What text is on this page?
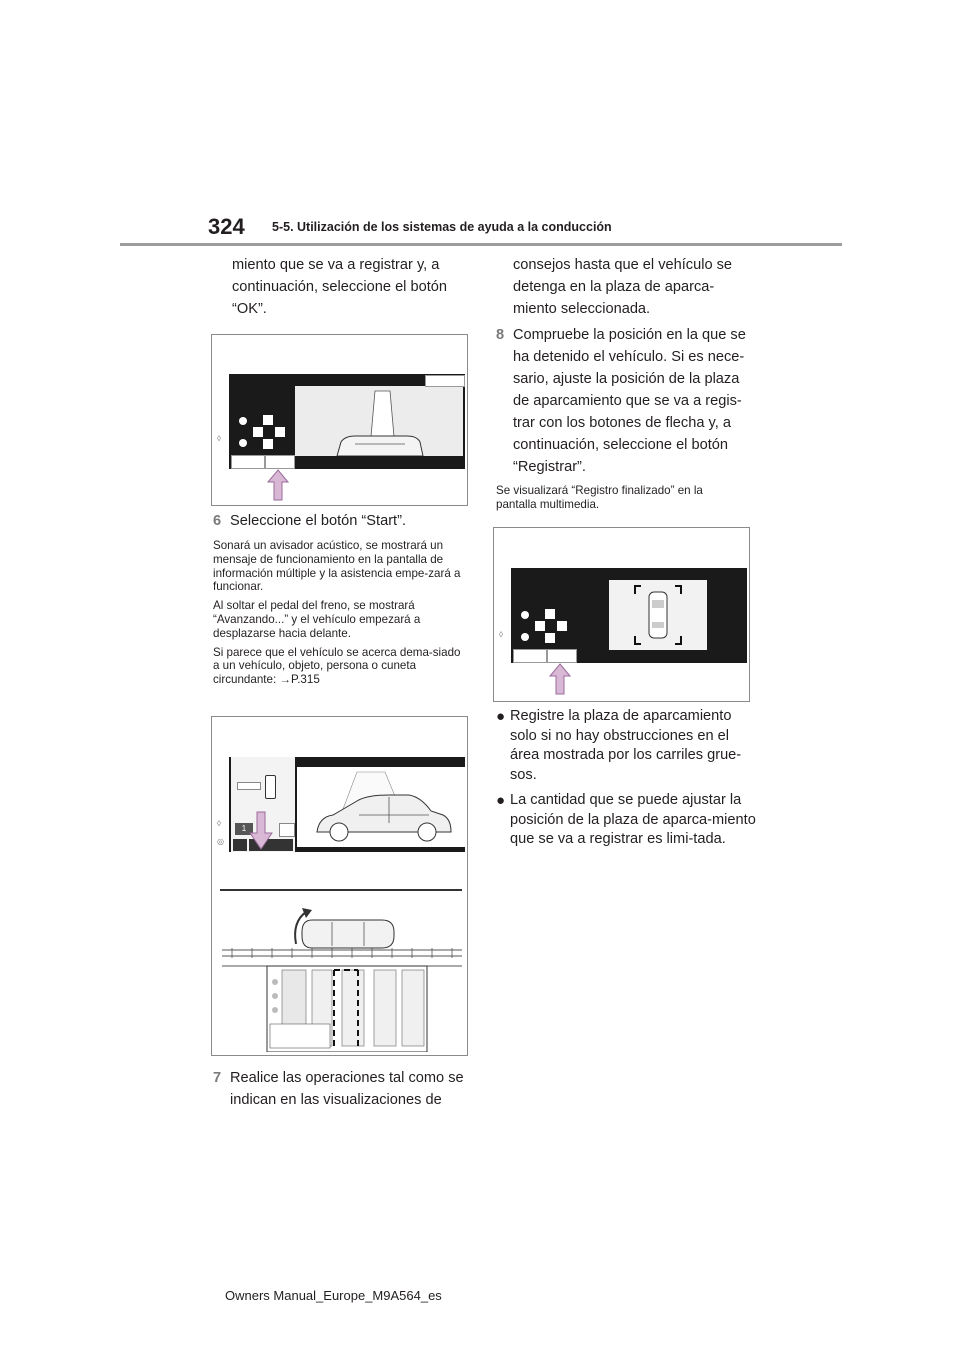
324 5-5. Utilización de los sistemas de ayuda a la conducción
miento que se va a registrar y, a
continuación, seleccione el botón
“OK”.
◊
6 Seleccione el botón “Start”.

Sonará un avisador acústico, se mostrará un mensaje de funcionamiento en la pantalla de información múltiple y la asistencia empe-zará a funcionar.

Al soltar el pedal del freno, se mostrará “Avanzando...” y el vehículo empezará a desplazarse hacia delante.

Si parece que el vehículo se acerca dema-siado a un vehículo, objeto, persona o cuneta circundante: →P.315

◊
◎
1
7 Realice las operaciones tal como se
indican en las visualizaciones de
consejos hasta que el vehículo se
detenga en la plaza de aparca-
miento seleccionada.
8 Compruebe la posición en la que se
ha detenido el vehículo. Si es nece-
sario, ajuste la posición de la plaza
de aparcamiento que se va a regis-
trar con los botones de flecha y, a
continuación, seleccione el botón
“Registrar”.
Se visualizará “Registro finalizado” en la pantalla multimedia.
◊
● Registre la plaza de aparcamiento solo si no hay obstrucciones en el área mostrada por los carriles grue-sos.
● La cantidad que se puede ajustar la posición de la plaza de aparca-miento que se va a registrar es limi-tada.
Owners Manual_Europe_M9A564_es
